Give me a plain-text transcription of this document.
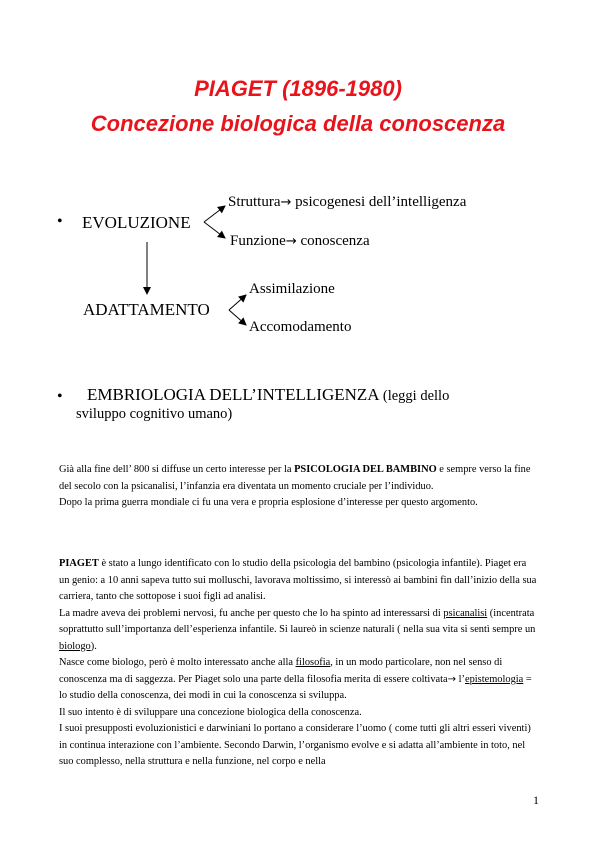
PIAGET (1896-1980)
Concezione biologica della conoscenza
• EVOLUZIONE
Struttura→ psicogenesi dell’intelligenza
Funzione→ conoscenza
ADATTAMENTO
Assimilazione
Accomodamento
• EMBRIOLOGIA DELL’INTELLIGENZA (leggi dello
sviluppo cognitivo umano)

Già alla fine dell’ 800 si diffuse un certo interesse per la PSICOLOGIA DEL BAMBINO e sempre verso la fine del secolo con la psicanalisi, l’infanzia era diventata un momento cruciale per l’individuo.

Dopo la prima guerra mondiale ci fu una vera e propria esplosione d’interesse per questo argomento.

PIAGET è stato a lungo identificato con lo studio della psicologia del bambino (psicologia infantile). Piaget era un genio: a 10 anni sapeva tutto sui molluschi, lavorava moltissimo, si interessò ai bambini fin dall’inizio della sua carriera, tanto che sottopose i suoi figli ad analisi.

La madre aveva dei problemi nervosi, fu anche per questo che lo ha spinto ad interessarsi di psicanalisi (incentrata soprattutto sull’importanza dell’esperienza infantile. Si laureò in scienze naturali ( nella sua vita si sentì sempre un biologo).

Nasce come biologo, però è molto interessato anche alla filosofia, in un modo particolare, non nel senso di conoscenza ma di saggezza. Per Piaget solo una parte della filosofia merita di essere coltivata→ l’epistemologia = lo studio della conoscenza, dei modi in cui la conoscenza si sviluppa.

Il suo intento è di sviluppare una concezione biologica della conoscenza.

I suoi presupposti evoluzionistici e darwiniani lo portano a considerare l’uomo ( come tutti gli altri esseri viventi) in continua interazione con l’ambiente. Secondo Darwin, l’organismo evolve e si adatta all’ambiente in toto, nel suo complesso, nella struttura e nella funzione, nel corpo e nella

1
